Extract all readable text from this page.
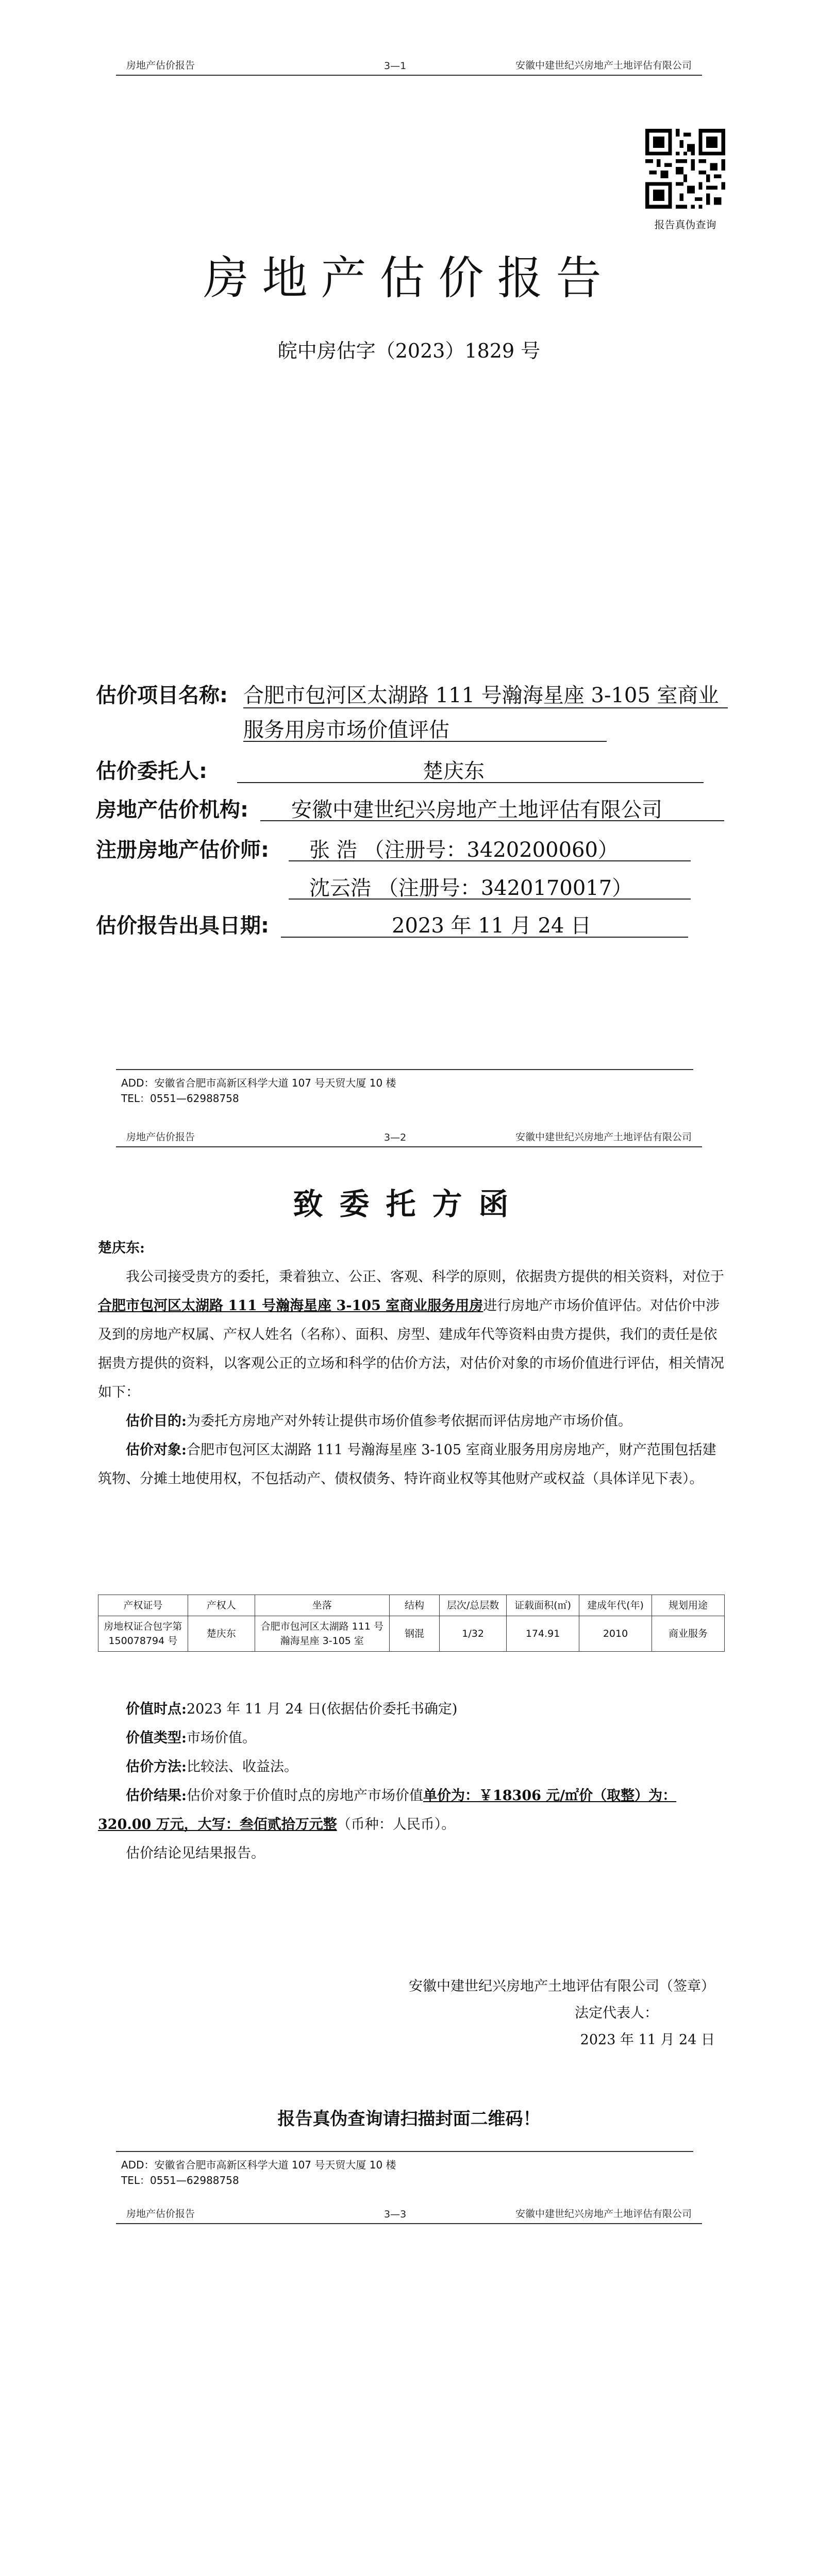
房地产估价报告	3—1	安徽中建世纪兴房地产土地评估有限公司
报告真伪查询
房地产估价报告
皖中房估字（2023）1829 号
估价项目名称: 合肥市包河区太湖路 111 号瀚海星座 3-105 室商业
服务用房市场价值评估
估价委托人:	楚庆东
房地产估价机构: 安徽中建世纪兴房地产土地评估有限公司
注册房地产估价师: 张 浩 （注册号：3420200060）
沈云浩 （注册号：3420170017）
估价报告出具日期:	2023 年 11 月 24 日
ADD：安徽省合肥市高新区科学大道 107 号天贸大厦 10 楼
TEL：0551—62988758
房地产估价报告	3—2	安徽中建世纪兴房地产土地评估有限公司
致委托方函
楚庆东:

我公司接受贵方的委托，秉着独立、公正、客观、科学的原则，依据贵方提供的相关资料，对位于合肥市包河区太湖路 111 号瀚海星座 3-105 室商业服务用房进行房地产市场价值评估。对估价中涉及到的房地产权属、产权人姓名（名称）、面积、房型、建成年代等资料由贵方提供，我们的责任是依据贵方提供的资料，以客观公正的立场和科学的估价方法，对估价对象的市场价值进行评估，相关情况如下：

估价目的:为委托方房地产对外转让提供市场价值参考依据而评估房地产市场价值。

估价对象:合肥市包河区太湖路 111 号瀚海星座 3-105 室商业服务用房房地产，财产范围包括建筑物、分摊土地使用权，不包括动产、债权债务、特许商业权等其他财产或权益（具体详见下表）。

产权证号	产权人	坐落	结构	层次/总层数	证载面积(㎡)	建成年代(年)	规划用途
房地权证合包字第 150078794 号	楚庆东	合肥市包河区太湖路 111 号瀚海星座 3-105 室	钢混	1/32	174.91	2010	商业服务

价值时点:2023 年 11 月 24 日(依据估价委托书确定)

价值类型:市场价值。

估价方法:比较法、收益法。

估价结果:估价对象于价值时点的房地产市场价值单价为：￥18306 元/㎡价（取整）为：320.00 万元，大写：叁佰贰拾万元整（币种：人民币）。

估价结论见结果报告。

安徽中建世纪兴房地产土地评估有限公司（签章）
法定代表人：
2023 年 11 月 24 日
报告真伪查询请扫描封面二维码！
ADD：安徽省合肥市高新区科学大道 107 号天贸大厦 10 楼
TEL：0551—62988758
房地产估价报告	3—3	安徽中建世纪兴房地产土地评估有限公司
